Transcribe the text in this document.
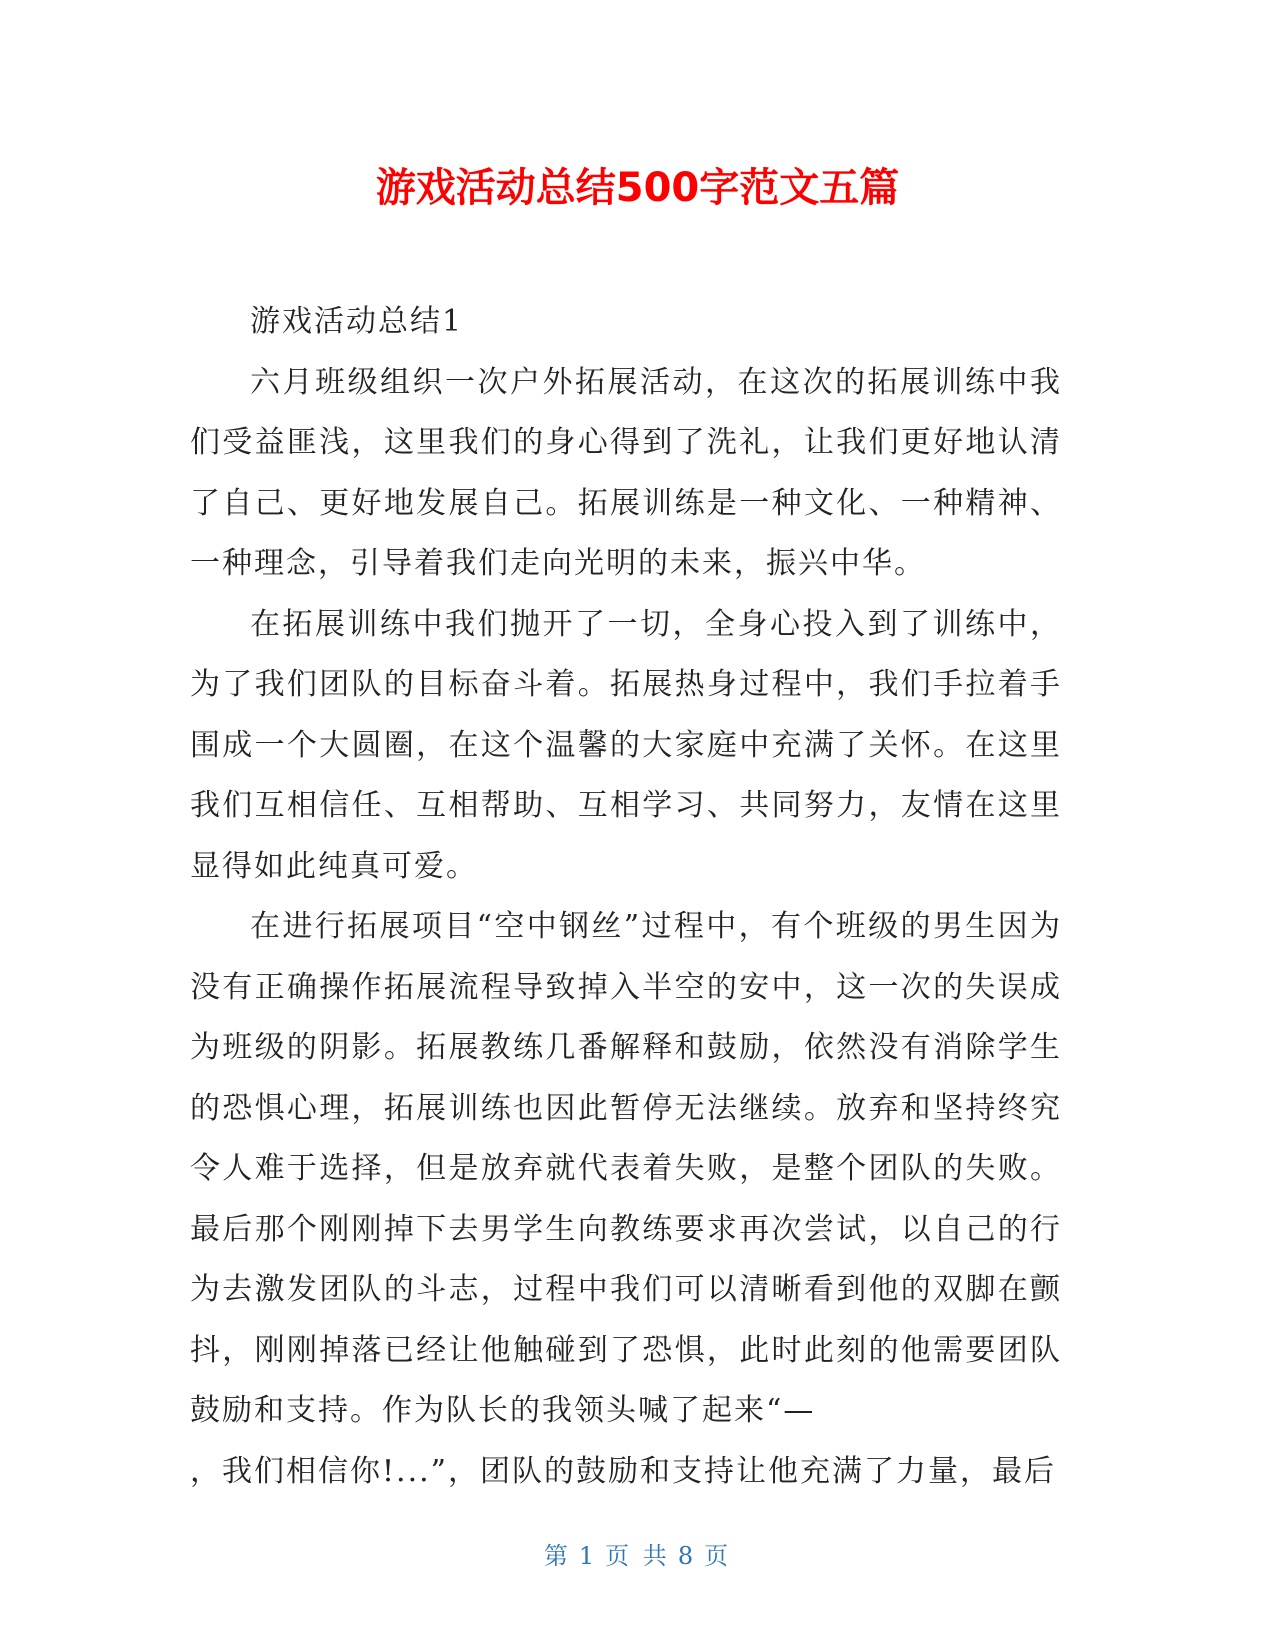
游戏活动总结500字范文五篇

游戏活动总结1

六月班级组织一次户外拓展活动，在这次的拓展训练中我们受益匪浅，这里我们的身心得到了洗礼，让我们更好地认清了自己、更好地发展自己。拓展训练是一种文化、一种精神、一种理念，引导着我们走向光明的未来，振兴中华。

在拓展训练中我们抛开了一切，全身心投入到了训练中，为了我们团队的目标奋斗着。拓展热身过程中，我们手拉着手围成一个大圆圈，在这个温馨的大家庭中充满了关怀。在这里我们互相信任、互相帮助、互相学习、共同努力，友情在这里显得如此纯真可爱。

在进行拓展项目“空中钢丝”过程中，有个班级的男生因为没有正确操作拓展流程导致掉入半空的安中，这一次的失误成为班级的阴影。拓展教练几番解释和鼓励，依然没有消除学生的恐惧心理，拓展训练也因此暂停无法继续。放弃和坚持终究令人难于选择，但是放弃就代表着失败，是整个团队的失败。最后那个刚刚掉下去男学生向教练要求再次尝试，以自己的行为去激发团队的斗志，过程中我们可以清晰看到他的双脚在颤抖，刚刚掉落已经让他触碰到了恐惧，此时此刻的他需要团队鼓励和支持。作为队长的我领头喊了起来“—

，我们相信你!...”，团队的鼓励和支持让他充满了力量，最后

第 1 页 共 8 页
